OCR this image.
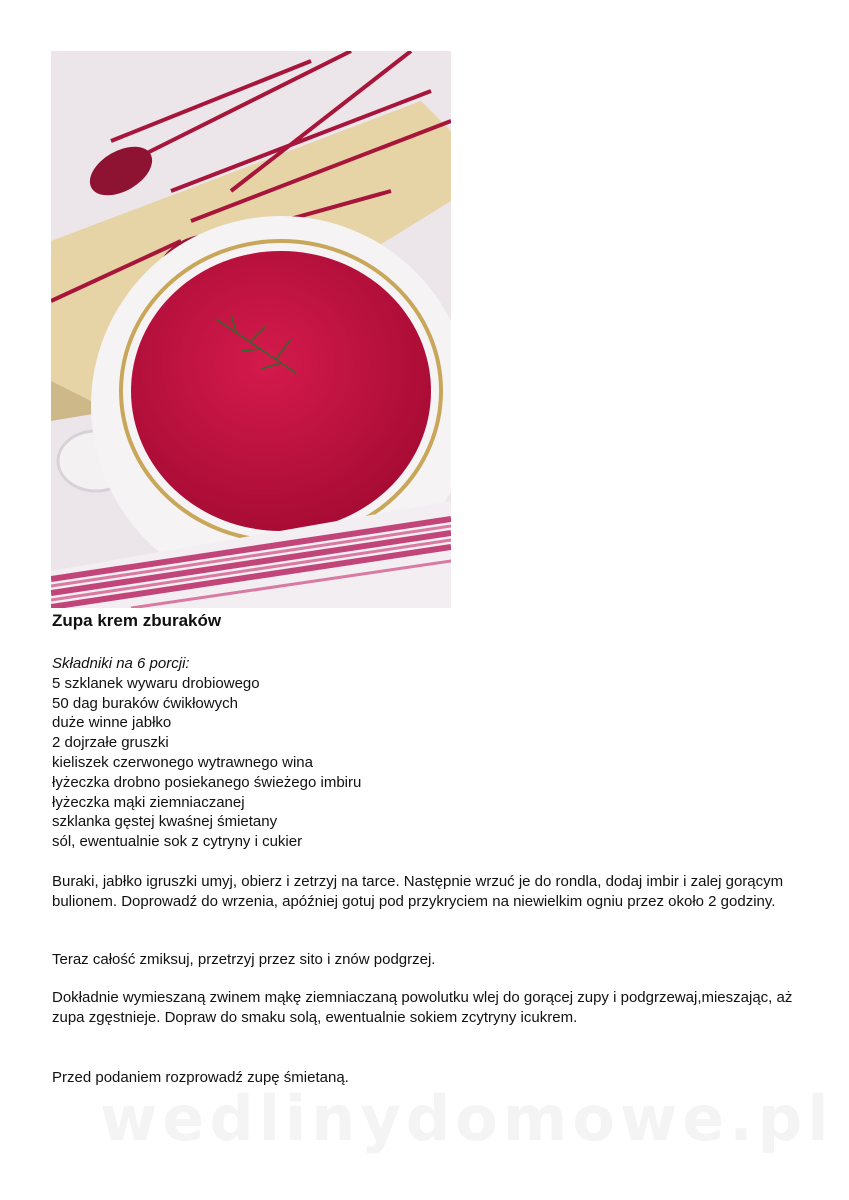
Zupa krem zburaków
Składniki na 6 porcji:
5 szklanek wywaru drobiowego
50 dag buraków ćwikłowych
duże winne jabłko
2 dojrzałe gruszki
kieliszek czerwonego wytrawnego wina
łyżeczka drobno posiekanego świeżego imbiru
łyżeczka mąki ziemniaczanej
szklanka gęstej kwaśnej śmietany
sól, ewentualnie sok z cytryny i cukier

Buraki, jabłko igruszki umyj, obierz i zetrzyj na tarce. Następnie wrzuć je do rondla, dodaj imbir i zalej gorącym bulionem. Doprowadź do wrzenia, apóźniej gotuj pod przykryciem na niewielkim ogniu przez około 2 godziny.

Teraz całość zmiksuj, przetrzyj przez sito i znów podgrzej.

Dokładnie wymieszaną zwinem mąkę ziemniaczaną powolutku wlej do gorącej zupy i podgrzewaj,mieszając, aż zupa zgęstnieje. Dopraw do smaku solą, ewentualnie sokiem zcytryny icukrem.

Przed podaniem rozprowadź zupę śmietaną.

wedlinydomowe.pl
